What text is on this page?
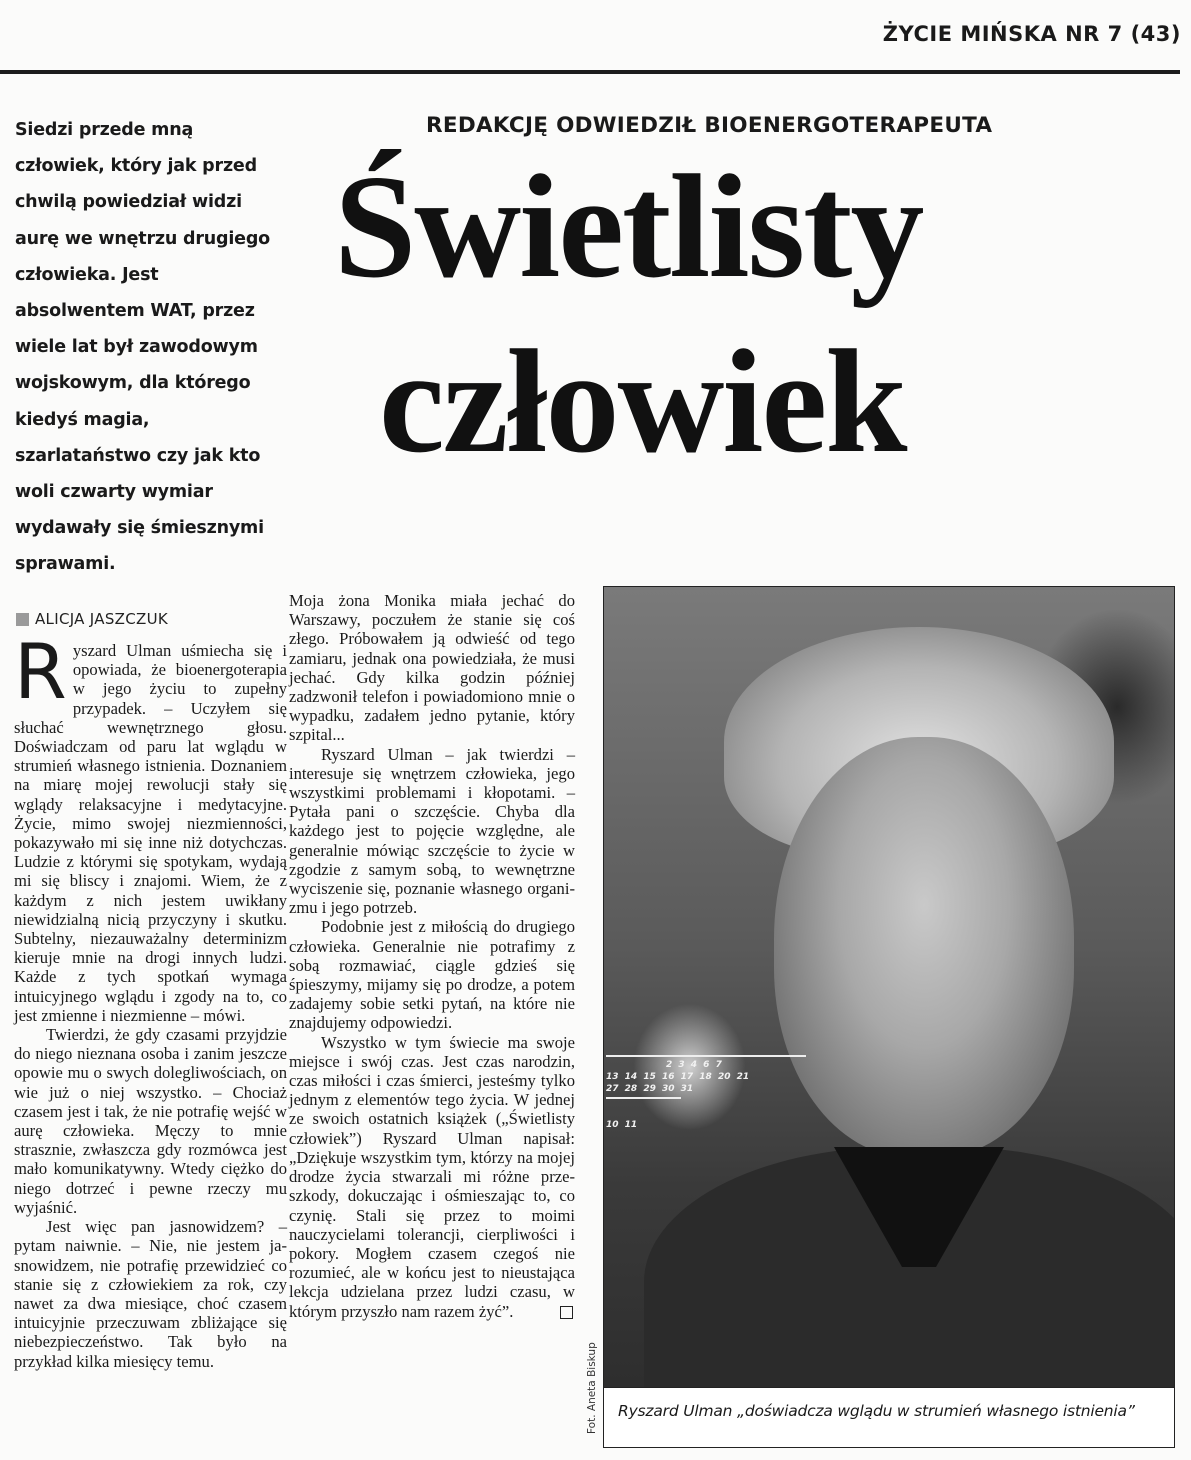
ŻYCIE MIŃSKA NR 7 (43)
Siedzi przede mną
człowiek, który jak przed
chwilą powiedział widzi
aurę we wnętrzu drugiego
człowieka. Jest
absolwentem WAT, przez
wiele lat był zawodowym
wojskowym, dla którego
kiedyś magia,
szarlataństwo czy jak kto
woli czwarty wymiar
wydawały się śmiesznymi
sprawami.
REDAKCJĘ ODWIEDZIŁ BIOENERGOTERAPEUTA
Świetlisty
człowiek
ALICJA JASZCZUK

Ryszard Ulman uśmiecha się i opowiada, że bioenergoterapia w jego życiu to zupełny przypadek. – Uczyłem się słuchać wewnętrznego głosu. Doświadczam od paru lat wglądu w strumień własnego istnienia. Doznaniem na miarę mojej rewolucji stały się wglądy relaksacyjne i medytacyjne. Życie, mimo swojej niezmienności, pokazywało mi się inne niż dotychczas. Ludzie z którymi się spotykam, wydają mi się bliscy i znajomi. Wiem, że z każdym z nich jestem uwikłany niewidzialną nicią przyczyny i skutku. Subtelny, niezauważalny determinizm kieruje mnie na drogi innych ludzi. Każde z tych spotkań wymaga intuicyjnego wglądu i zgody na to, co jest zmienne i niezmienne – mówi.

Twierdzi, że gdy czasami przyjdzie do niego nieznana osoba i zanim jeszcze opowie mu o swych dolegliwościach, on wie już o niej wszystko. – Chociaż czasem jest i tak, że nie potrafię wejść w aurę człowieka. Męczy to mnie strasznie, zwłaszcza gdy rozmówca jest mało komunikatywny. Wtedy ciężko do niego dotrzeć i pewne rzeczy mu wyjaśnić.

Jest więc pan jasnowidzem? – pytam naiwnie. – Nie, nie jestem jasnowidzem, nie potrafię przewidzieć co stanie się z człowiekiem za rok, czy nawet za dwa miesiące, choć czasem intuicyjnie przeczuwam zbliżające się niebezpieczeństwo. Tak było na przykład kilka miesięcy temu.

Moja żona Monika miała jechać do Warszawy, poczułem że stanie się coś złego. Próbowałem ją odwieść od tego zamiaru, jednak ona powiedziała, że musi jechać. Gdy kilka godzin później zadzwonił telefon i powiadomiono mnie o wypadku, zadałem jedno pytanie, który szpital...

Ryszard Ulman – jak twierdzi – interesuje się wnętrzem człowieka, jego wszystkimi problemami i kłopotami. – Pytała pani o szczęście. Chyba dla każdego jest to pojęcie względne, ale generalnie mówiąc szczęście to życie w zgodzie z samym sobą, to wewnętrzne wyciszenie się, poznanie własnego organizmu i jego potrzeb.

Podobnie jest z miłością do drugiego człowieka. Generalnie nie potrafimy z sobą rozmawiać, ciągle gdzieś się śpieszymy, mijamy się po drodze, a potem zadajemy sobie setki pytań, na które nie znajdujemy odpowiedzi.

Wszystko w tym świecie ma swoje miejsce i swój czas. Jest czas narodzin, czas miłości i czas śmierci, jesteśmy tylko jednym z elementów tego życia. W jednej ze swoich ostatnich książek („Świetlisty człowiek”) Ryszard Ulman napisał: „Dziękuje wszystkim tym, którzy na mojej drodze życia stwarzali mi różne przeszkody, dokuczając i ośmieszając to, co czynię. Stali się przez to moimi nauczycielami tolerancji, cierpliwości i pokory. Mogłem czasem czegoś nie rozumieć, ale w końcu jest to nieustająca lekcja udzielana przez ludzi czasu, w którym przyszło nam razem żyć”.

2 3 4 6 7
13 14 15 16 17 18 20 21
27 28 29 30 31
10 11
Ryszard Ulman „doświadcza wglądu w strumień własnego istnienia”
Fot. Aneta Biskup
